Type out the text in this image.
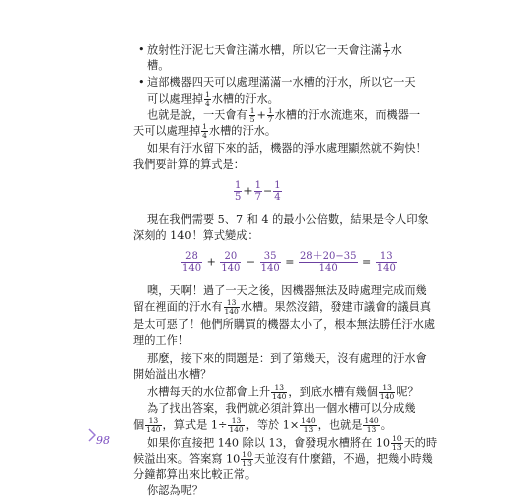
• 放射性汙泥七天會注滿水槽，所以它一天會注滿 $\frac{1}{7}$ 水
槽。
• 這部機器四天可以處理滿滿一水槽的汙水，所以它一天
可以處理掉 $\frac{1}{4}$ 水槽的汙水。
也就是說，一天會有 $\frac{1}{5} + \frac{1}{7}$ 水槽的汙水流進來，而機器一
天可以處理掉 $\frac{1}{4}$ 水槽的汙水。
如果有汙水留下來的話，機器的淨水處理顯然就不夠快！
我們要計算的算式是：
$\frac{1}{5} + \frac{1}{7} - \frac{1}{4}$
現在我們需要 5、7 和 4 的最小公倍數，結果是令人印象
深刻的 140！算式變成：
$\frac{28}{140} + \frac{20}{140} - \frac{35}{140} = \frac{28+20-35}{140} = \frac{13}{140}$
噢，天啊！過了一天之後，因機器無法及時處理完成而幾
留在裡面的汙水有 $\frac{13}{140}$ 水槽。果然沒錯，發建市議會的議員真
是太可惡了！他們所購買的機器太小了，根本無法勝任汙水處
理的工作！
那麼，接下來的問題是：到了第幾天，沒有處理的汙水會
開始溢出水槽？
水槽每天的水位都會上升 $\frac{13}{140}$ ，到底水槽有幾個 $\frac{13}{140}$ 呢？
為了找出答案，我們就必須計算出一個水槽可以分成幾
個 $\frac{13}{140}$ ，算式是 $1\div \frac{13}{140}$ ，等於 $1\times \frac{140}{13}$ ，也就是 $\frac{140}{13}$ 。
如果你直接把 140 除以 13，會發現水槽將在 $10 \frac{10}{13}$ 天的時
候溢出來。答案寫 $10 \frac{10}{13}$ 天並沒有什麼錯，不過，把幾小時幾
分鐘都算出來比較正常。
你認為呢？
98
